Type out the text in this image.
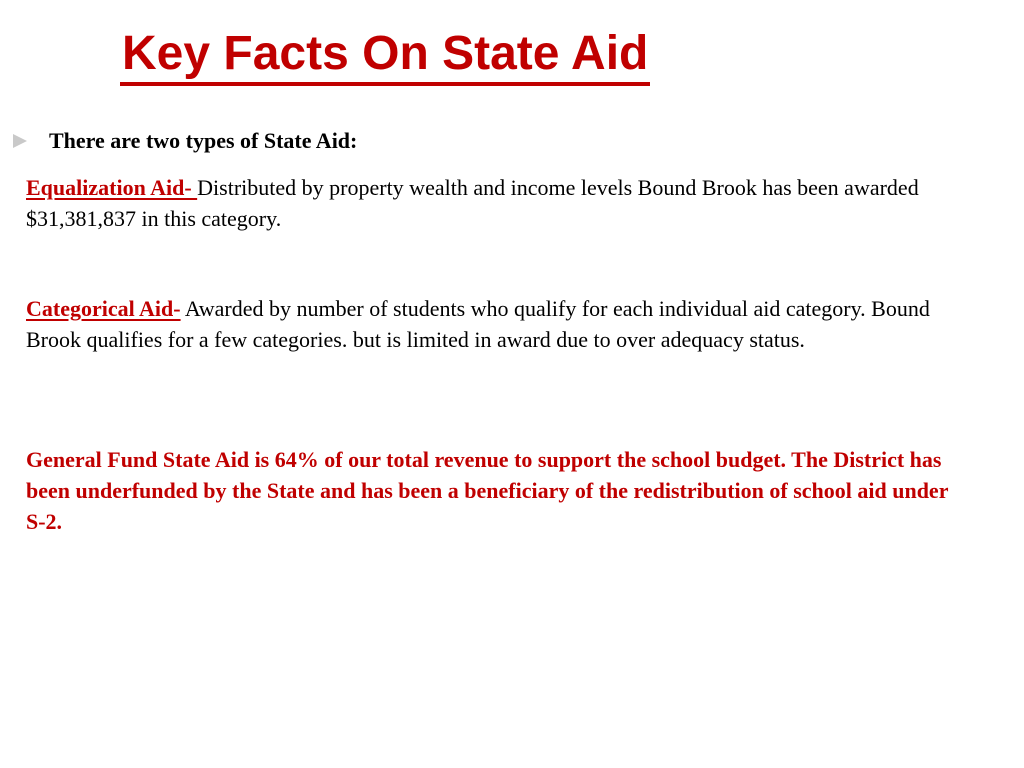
Key Facts On State Aid
There are two types of State Aid:

Equalization Aid- Distributed by property wealth and income levels Bound Brook has been awarded $31,381,837 in this category.

Categorical Aid- Awarded by number of students who qualify for each individual aid category. Bound Brook qualifies for a few categories. but is limited in award due to over adequacy status.

General Fund State Aid is 64% of our total revenue to support the school budget. The District has been underfunded by the State and has been a beneficiary of the redistribution of school aid under S-2.
